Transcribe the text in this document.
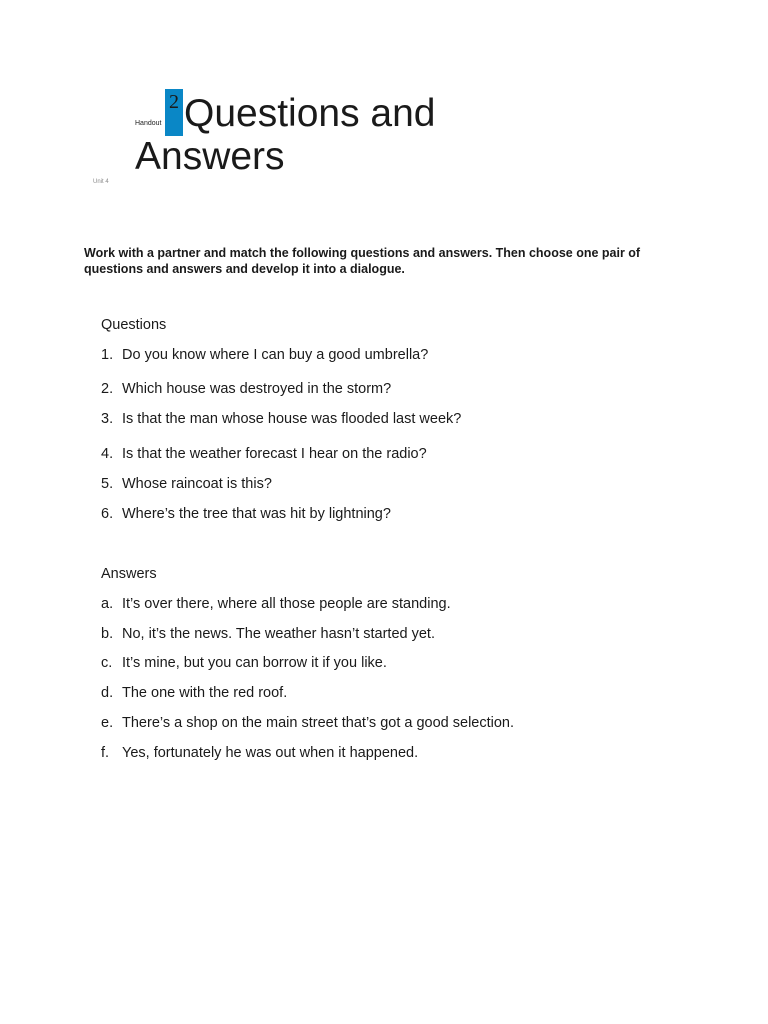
Handout
2 Questions and Answers
Unit 4

Work with a partner and match the following questions and answers. Then choose one pair of questions and answers and develop it into a dialogue.

Questions
1. Do you know where I can buy a good umbrella?
2. Which house was destroyed in the storm?
3. Is that the man whose house was flooded last week?
4. Is that the weather forecast I hear on the radio?
5. Whose raincoat is this?
6. Where’s the tree that was hit by lightning?
Answers
a. It’s over there, where all those people are standing.
b. No, it’s the news. The weather hasn’t started yet.
c. It’s mine, but you can borrow it if you like.
d. The one with the red roof.
e. There’s a shop on the main street that’s got a good selection.
f. Yes, fortunately he was out when it happened.
